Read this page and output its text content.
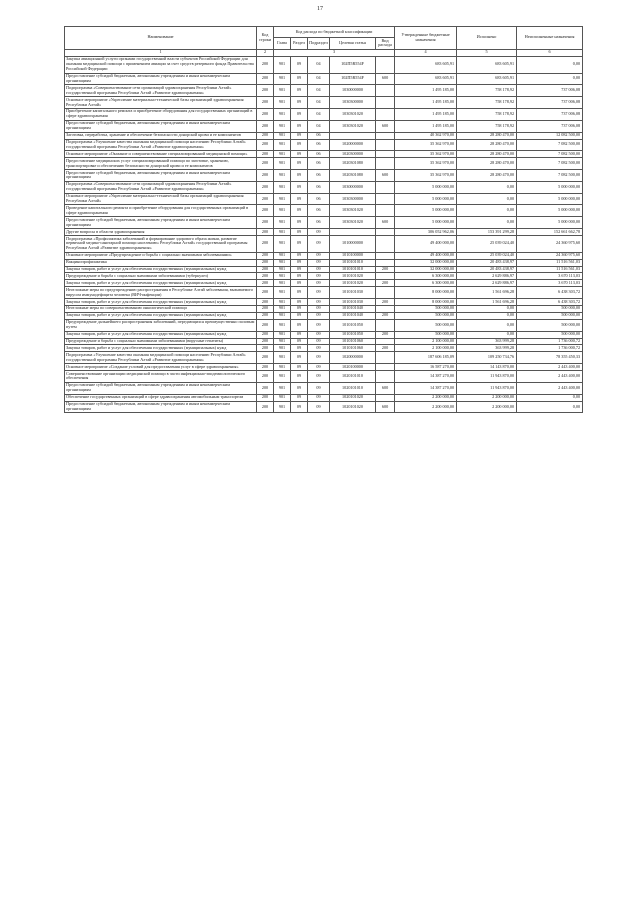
17
Наименование	Код строки	Код расхода по бюджетной классификации					Утвержденные бюджетные назначения	Исполнено	Неисполненные назначения
		Глава	Раздел	Подраздел	Целевая статья	Вид расхода			
1	2	3					4	5	6
Закупка авиационной услуги органами государственной власти субъектов Российской Федерации для оказания медицинской помощи с применением авиации за счет средств резервного фонда Правительства Российской Федерации	200	901	09	04	102П5R554F		683 605,91	683 605,91	0,00
Предоставление субсидий бюджетным, автономным учреждениям и иным некоммерческим организациям	200	901	09	04	102П5R554F	600	683 605,91	683 605,91	0,00
Подпрограмма «Совершенствование сети организаций здравоохранения Республики Алтай» государственной программы Республики Алтай «Развитие здравоохранения»	200	901	09	04	1030000000		1 495 185,00	758 178,92	737 006,08
Основное мероприятие «Укрепление материально-технической базы организаций здравоохранения Республики Алтай»	200	901	09	04	1030300000		1 495 185,00	758 178,92	737 006,08
Приобретение капитального ремонта и приобретение оборудования для государственных организаций в сфере здравоохранения	200	901	09	04	1030301020		1 495 185,00	758 178,92	737 006,08
Предоставление субсидий бюджетным, автономным учреждениям и иным некоммерческим организациям	200	901	09	04	1030301020	600	1 495 185,00	758 178,92	737 006,08
Заготовка, переработка, хранение и обеспечение безопасности донорской крови и ее компонентов	200	901	09	06			40 362 970,00	28 280 470,00	12 082 500,00
Подпрограмма «Улучшение качества оказания медицинской помощи населению Республики Алтай» государственной программы Республики Алтай «Развитие здравоохранения»	200	901	09	06	1020000000		35 362 970,00	28 280 470,00	7 082 500,00
Основное мероприятие «Оказание и совершенствование специализированной медицинской помощи»	200	901	09	06	1020300000		35 362 970,00	28 280 470,00	7 082 500,00
Предоставление медицинских услуг специализированной помощи по заготовке, хранению, транспортировке и обеспечению безопасности донорской крови и ее компонентов	200	901	09	06	1020301080		35 362 970,00	28 280 470,00	7 082 500,00
Предоставление субсидий бюджетным, автономным учреждениям и иным некоммерческим организациям	200	901	09	06	1020301080	600	35 362 970,00	28 280 470,00	7 082 500,00
Подпрограмма «Совершенствование сети организаций здравоохранения Республики Алтай» государственной программы Республики Алтай «Развитие здравоохранения»	200	901	09	06	1030000000		5 000 000,00	0,00	5 000 000,00
Основное мероприятие «Укрепление материально-технической базы организаций здравоохранения Республики Алтай»	200	901	09	06	1030300000		5 000 000,00	0,00	5 000 000,00
Проведение капитального ремонта и приобретение оборудования для государственных организаций в сфере здравоохранения	200	901	09	06	1030301020		5 000 000,00	0,00	5 000 000,00
Предоставление субсидий бюджетным, автономным учреждениям и иным некоммерческим организациям	200	901	09	06	1030301020	600	5 000 000,00	0,00	5 000 000,00
Другие вопросы в области здравоохранения	200	901	09	09			306 052 962,06	153 391 299,28	152 661 662,78
Подпрограмма «Профилактика заболеваний и формирование здорового образа жизни, развитие первичной медико-санитарной помощи населению» Республики Алтай» государственной программы Республики Алтай «Развитие здравоохранения»	200	901	09	09	1010000000		49 400 000,00	25 039 024,40	24 360 975,60
Основное мероприятие «Предупреждение и борьба с социально значимыми заболеваниями»	200	901	09	09	1010100000		49 400 000,00	25 039 024,40	24 360 975,60
Вакцинопрофилактика	200	901	09	09	1010101010		32 000 000,00	20 483 438,97	11 516 561,03
Закупка товаров, работ и услуг для обеспечения государственных (муниципальных) нужд	200	901	09	09	1010101010	200	32 000 000,00	20 483 438,97	11 516 561,03
Предупреждение и борьба с социально значимыми заболеваниями (туберкулез)	200	901	09	09	1010101020		6 300 000,00	2 629 886,97	3 670 113,03
Закупка товаров, работ и услуг для обеспечения государственных (муниципальных) нужд	200	901	09	09	1010101020	200	6 300 000,00	2 629 886,97	3 670 113,03
Неотложные меры по предупреждению распространения в Республике Алтай заболевания, вызываемого вирусом иммунодефицита человека (ВИЧ-инфекции)	200	901	09	09	1010101030		8 000 000,00	1 561 696,28	6 438 303,72
Закупка товаров, работ и услуг для обеспечения государственных (муниципальных) нужд	200	901	09	09	1010101030	200	8 000 000,00	1 561 696,28	6 438 303,72
Неотложные меры по совершенствованию онкологической помощи	200	901	09	09	1010101040		500 000,00	0,00	500 000,00
Закупка товаров, работ и услуг для обеспечения государственных (муниципальных) нужд	200	901	09	09	1010101040	200	500 000,00	0,00	500 000,00
Предупреждение дальнейшего распространения заболеваний, передающихся преимущественно половым путем	200	901	09	09	1010101050		500 000,00	0,00	500 000,00
Закупка товаров, работ и услуг для обеспечения государственных (муниципальных) нужд	200	901	09	09	1010101050	200	500 000,00	0,00	500 000,00
Предупреждение и борьба с социально значимыми заболеваниями (вирусные гепатиты)	200	901	09	09	1010101060		2 100 000,00	363 999,28	1 736 000,72
Закупка товаров, работ и услуг для обеспечения государственных (муниципальных) нужд	200	901	09	09	1010101060	200	2 100 000,00	363 999,28	1 736 000,72
Подпрограмма «Улучшение качества оказания медицинской помощи населению Республики Алтай» государственной программы Республики Алтай «Развитие здравоохранения»	200	901	09	09	1020000000		187 606 185,09	109 250 734,76	78 355 450,33
Основное мероприятие «Создание условий для предоставления услуг в сфере здравоохранения»	200	901	09	09	1020100000		16 587 270,00	14 143 870,00	2 443 400,00
Совершенствование организации медицинской помощи в части инфекционно-эпидемиологического обеспечения	200	901	09	09	1020101010		14 387 270,00	11 943 870,00	2 443 400,00
Предоставление субсидий бюджетным, автономным учреждениям и иным некоммерческим организациям	200	901	09	09	1020101010	600	14 387 270,00	11 943 870,00	2 443 400,00
Обеспечение государственных организаций в сфере здравоохранения автомобильным транспортом	200	901	09	09	1020101020		2 200 000,00	2 200 000,00	0,00
Предоставление субсидий бюджетным, автономным учреждениям и иным некоммерческим организациям	200	901	09	09	1020101020	600	2 200 000,00	2 200 000,00	0,00
